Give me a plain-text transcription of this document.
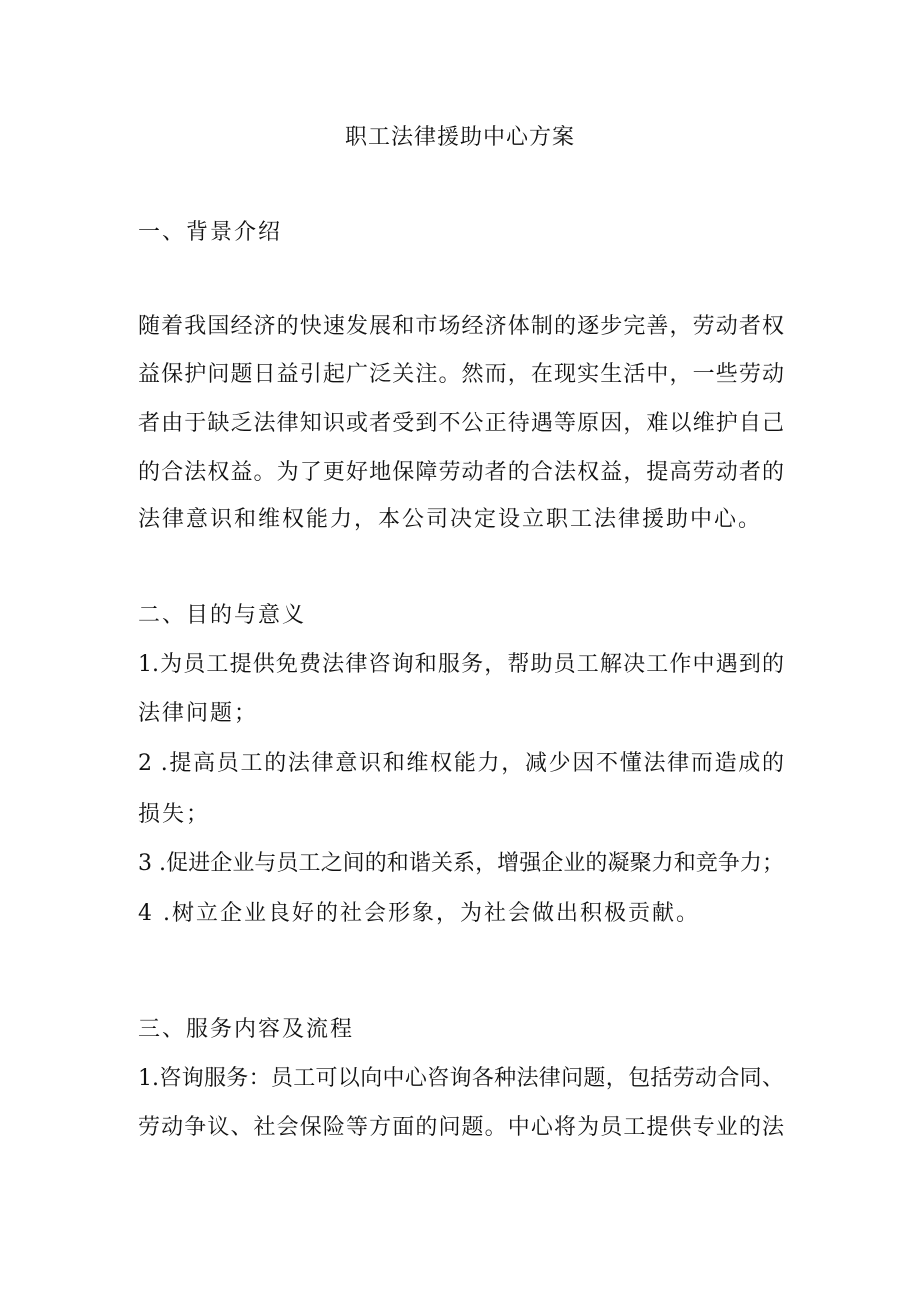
职工法律援助中心方案
一、背景介绍
随着我国经济的快速发展和市场经济体制的逐步完善，劳动者权
益保护问题日益引起广泛关注。然而，在现实生活中，一些劳动
者由于缺乏法律知识或者受到不公正待遇等原因，难以维护自己
的合法权益。为了更好地保障劳动者的合法权益，提高劳动者的
法律意识和维权能力，本公司决定设立职工法律援助中心。
二、目的与意义
1.为员工提供免费法律咨询和服务，帮助员工解决工作中遇到的
法律问题；
2 .提高员工的法律意识和维权能力，减少因不懂法律而造成的
损失；
3 .促进企业与员工之间的和谐关系，增强企业的凝聚力和竞争力；
4 .树立企业良好的社会形象，为社会做出积极贡献。
三、服务内容及流程
1.咨询服务：员工可以向中心咨询各种法律问题，包括劳动合同、
劳动争议、社会保险等方面的问题。中心将为员工提供专业的法
